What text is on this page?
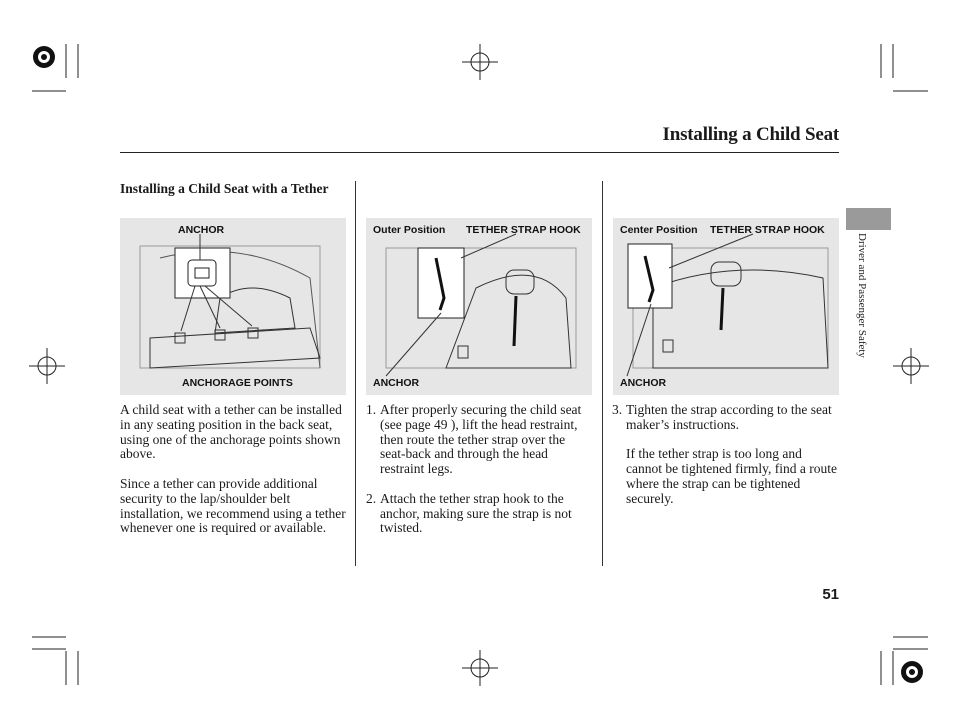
Installing a Child Seat
Installing a Child Seat with a Tether
ANCHOR
ANCHORAGE POINTS
Outer Position TETHER STRAP HOOK
ANCHOR
Center Position TETHER STRAP HOOK
ANCHOR

A child seat with a tether can be installed in any seating position in the back seat, using one of the anchorage points shown above.

Since a tether can provide additional security to the lap/shoulder belt installation, we recommend using a tether whenever one is required or available.

1. After properly securing the child seat (see page 49 ), lift the head restraint, then route the tether strap over the seat-back and through the head restraint legs.
2. Attach the tether strap hook to the anchor, making sure the strap is not twisted.
3. Tighten the strap according to the seat maker’s instructions.
If the tether strap is too long and cannot be tightened firmly, find a route where the strap can be tightened securely.
Driver and Passenger Safety
51
